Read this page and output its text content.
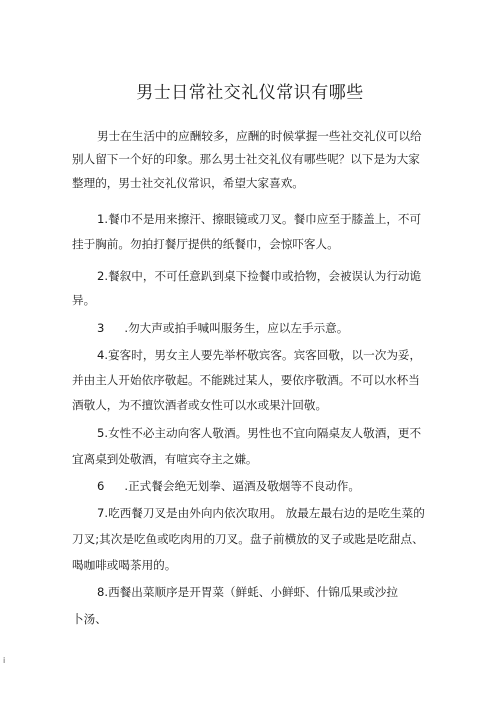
男士日常社交礼仪常识有哪些
男士在生活中的应酬较多，应酬的时候掌握一些社交礼仪可以给
别人留下一个好的印象。那么男士社交礼仪有哪些呢？以下是为大家
整理的，男士社交礼仪常识，希望大家喜欢。
1.餐巾不是用来擦汗、擦眼镜或刀叉。餐巾应至于膝盖上，不可
挂于胸前。勿拍打餐厅提供的纸餐巾，会惊吓客人。
2.餐叙中，不可任意趴到桌下捡餐巾或拾物，会被误认为行动诡
异。
3 .勿大声或拍手喊叫服务生，应以左手示意。
4.宴客时，男女主人要先举杯敬宾客。宾客回敬，以一次为妥，
并由主人开始依序敬起。不能跳过某人，要依序敬酒。不可以水杯当
酒敬人，为不擅饮酒者或女性可以水或果汁回敬。
5.女性不必主动向客人敬酒。男性也不宜向隔桌友人敬酒，更不
宜离桌到处敬酒，有喧宾夺主之嫌。
6 .正式餐会绝无划拳、逼酒及敬烟等不良动作。
7.吃西餐刀叉是由外向内依次取用。 放最左最右边的是吃生菜的
刀叉;其次是吃鱼或吃肉用的刀叉。盘子前横放的叉子或匙是吃甜点、
喝咖啡或喝茶用的。
8.西餐出菜顺序是开胃菜（鲜蚝、小鲜虾、什锦瓜果或沙拉
卜汤、
i
